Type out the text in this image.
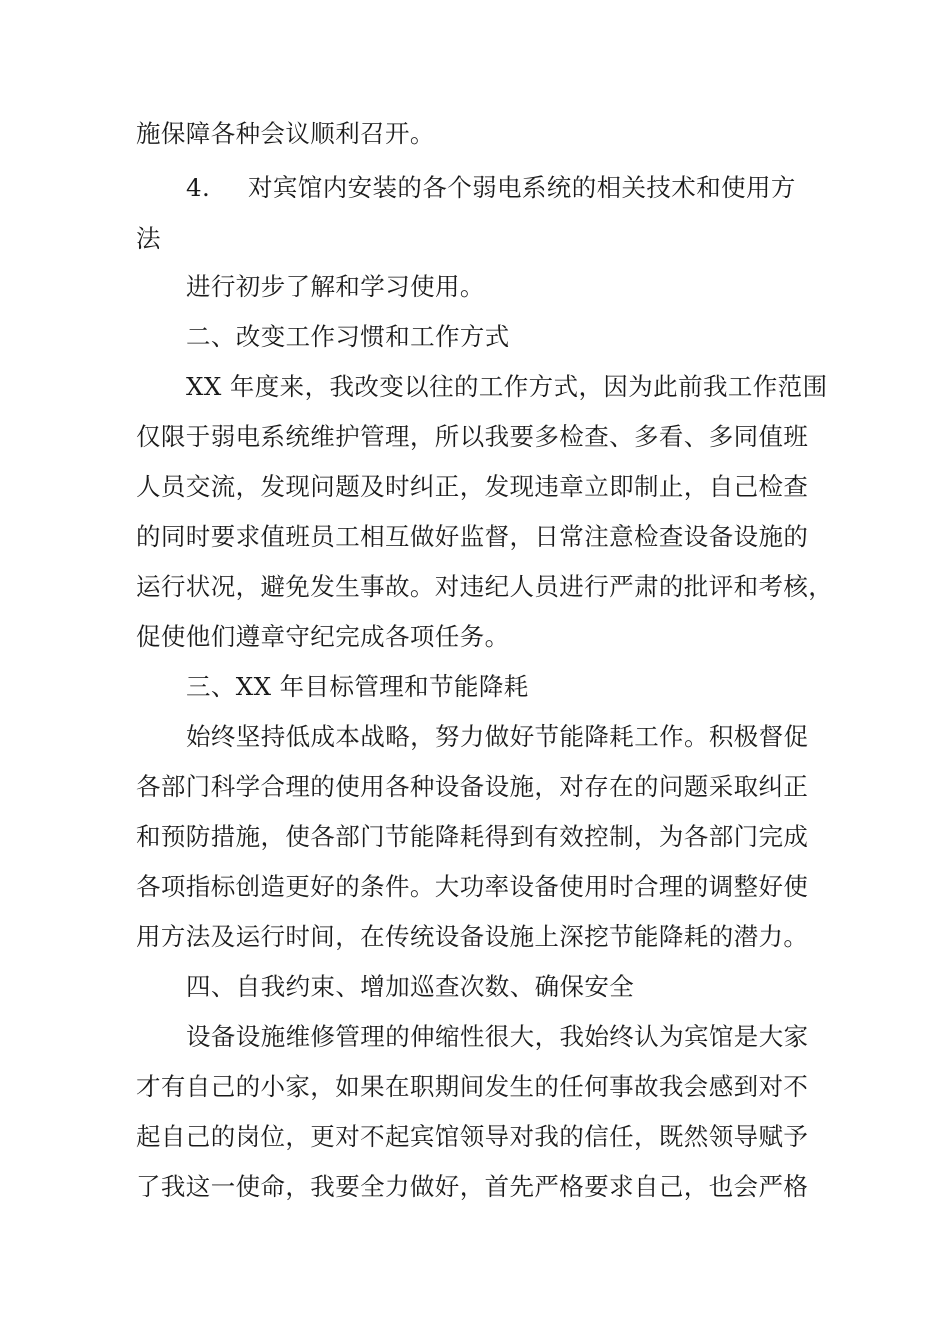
施保障各种会议顺利召开。
4. 对宾馆内安装的各个弱电系统的相关技术和使用方
法
进行初步了解和学习使用。
二、改变工作习惯和工作方式
XX 年度来，我改变以往的工作方式，因为此前我工作范围
仅限于弱电系统维护管理，所以我要多检查、多看、多同值班
人员交流，发现问题及时纠正，发现违章立即制止，自己检查
的同时要求值班员工相互做好监督，日常注意检查设备设施的
运行状况，避免发生事故。对违纪人员进行严肃的批评和考核，
促使他们遵章守纪完成各项任务。
三、XX 年目标管理和节能降耗
始终坚持低成本战略，努力做好节能降耗工作。积极督促
各部门科学合理的使用各种设备设施，对存在的问题采取纠正
和预防措施，使各部门节能降耗得到有效控制，为各部门完成
各项指标创造更好的条件。大功率设备使用时合理的调整好使
用方法及运行时间，在传统设备设施上深挖节能降耗的潜力。
四、自我约束、增加巡查次数、确保安全
设备设施维修管理的伸缩性很大，我始终认为宾馆是大家
才有自己的小家，如果在职期间发生的任何事故我会感到对不
起自己的岗位，更对不起宾馆领导对我的信任，既然领导赋予
了我这一使命，我要全力做好，首先严格要求自己，也会严格
